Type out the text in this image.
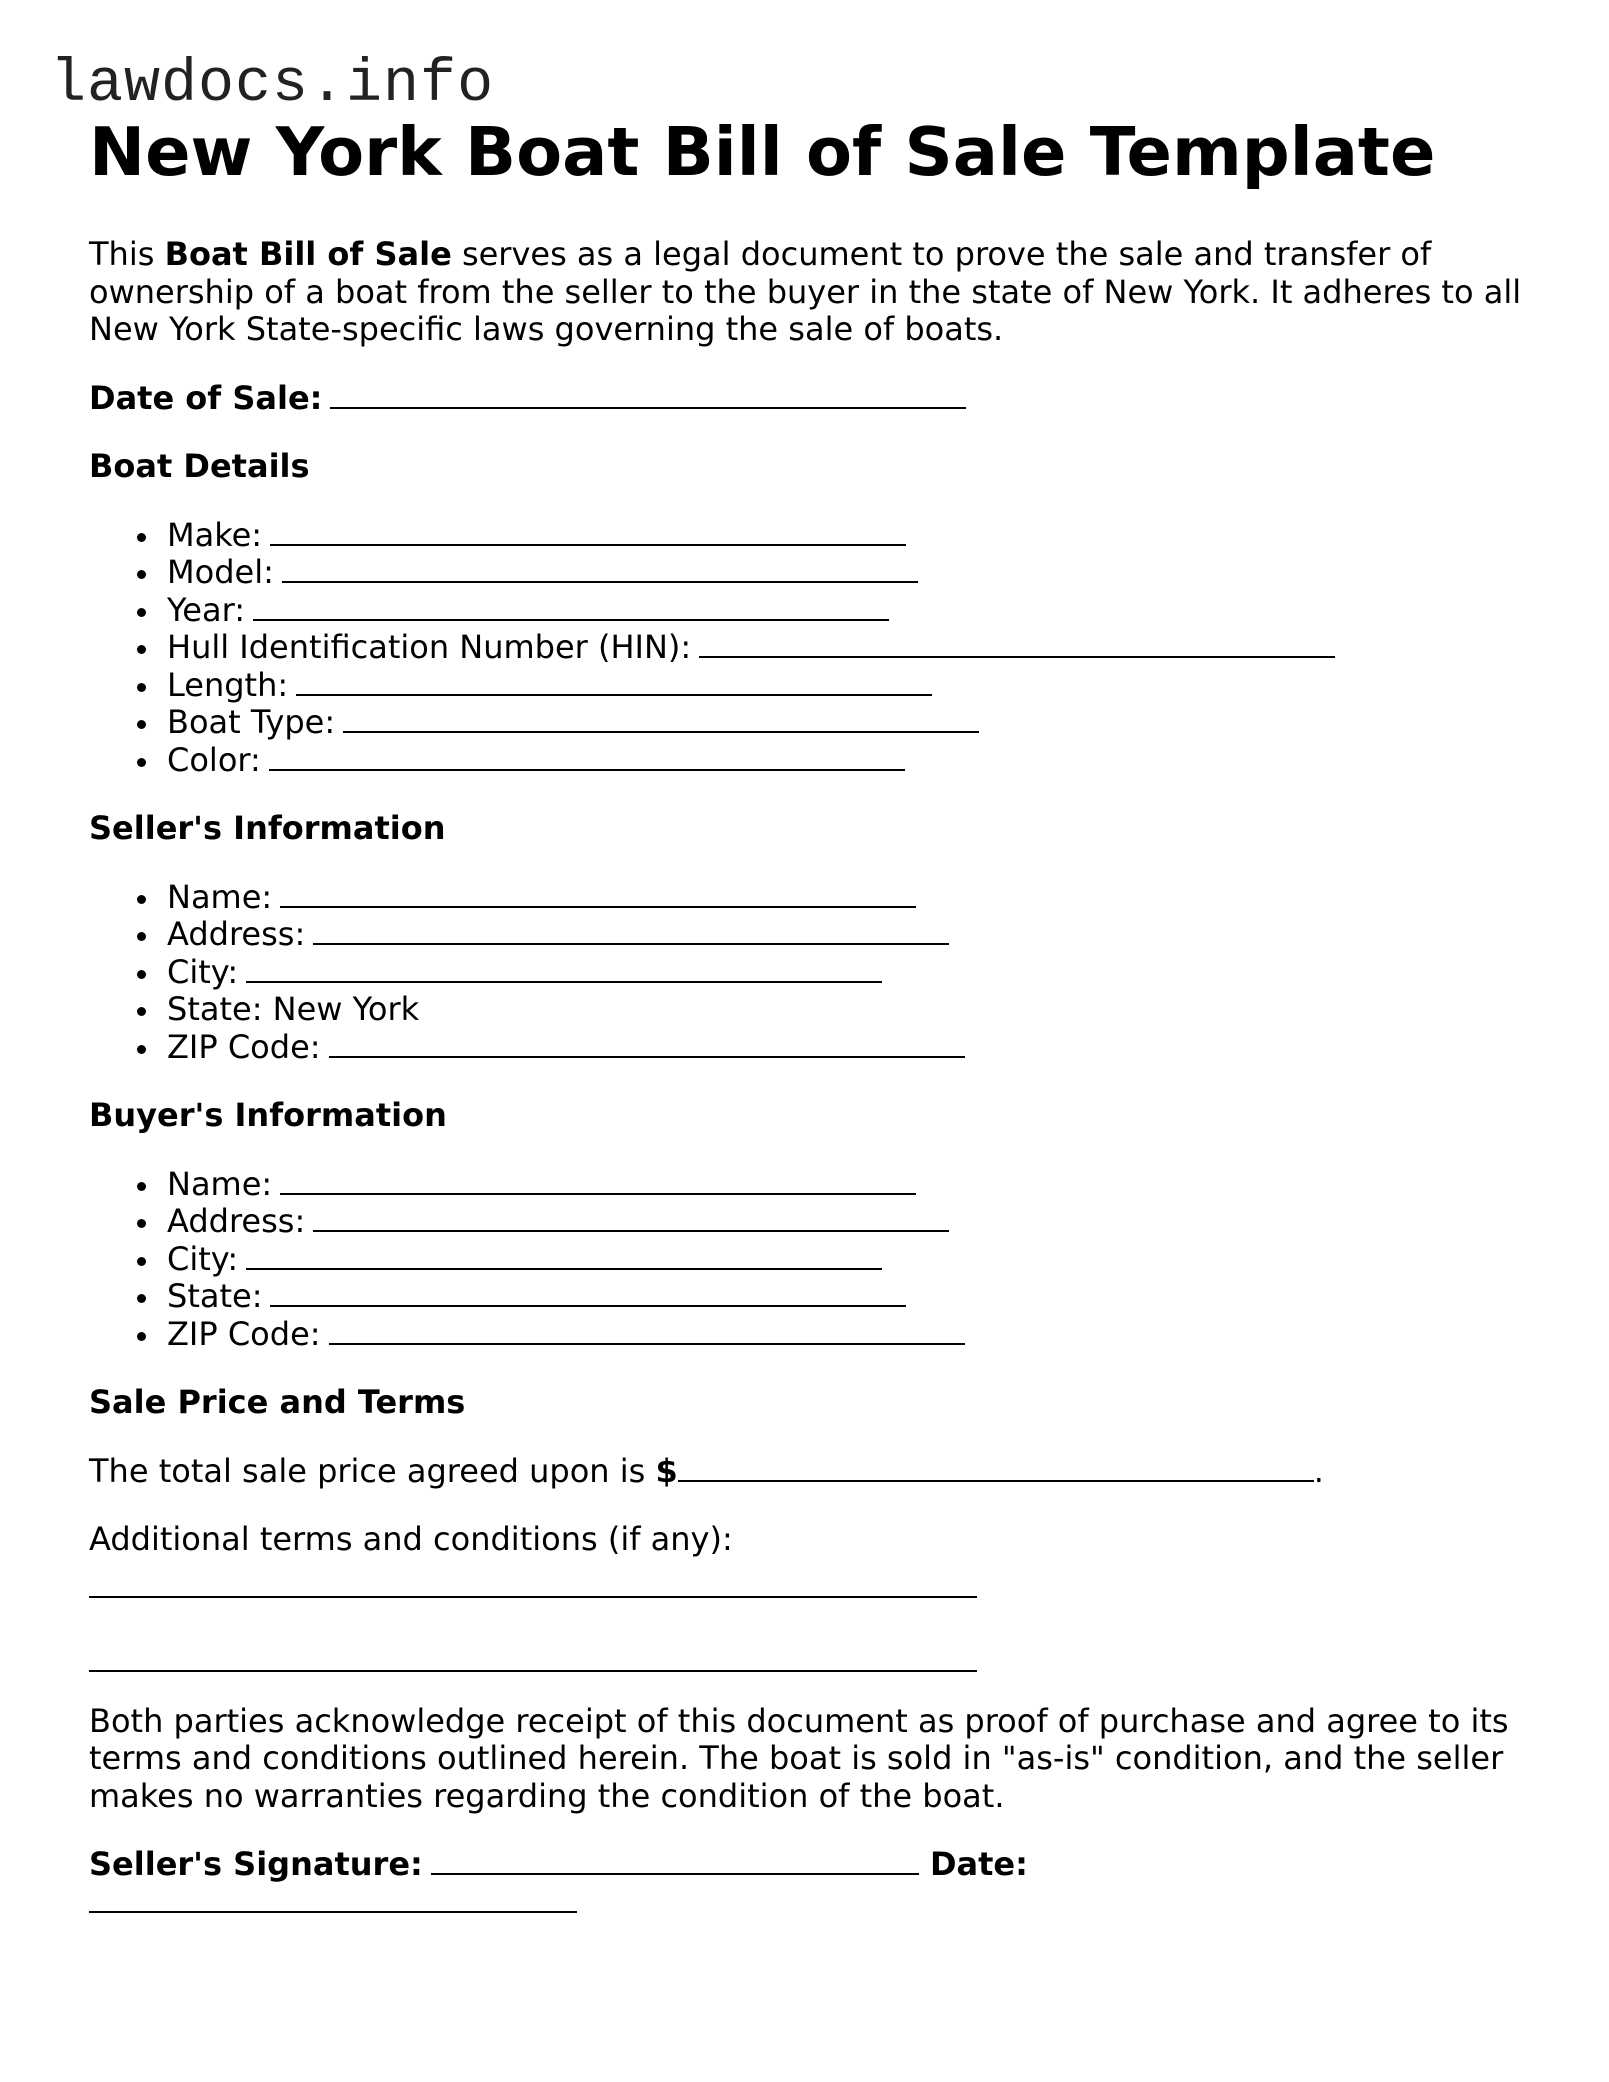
lawdocs.info
New York Boat Bill of Sale Template
This Boat Bill of Sale serves as a legal document to prove the sale and transfer of ownership of a boat from the seller to the buyer in the state of New York. It adheres to all New York State-specific laws governing the sale of boats.
Date of Sale:
Boat Details
Make:
Model:
Year:
Hull Identification Number (HIN):
Length:
Boat Type:
Color:
Seller's Information
Name:
Address:
City:
State: New York
ZIP Code:
Buyer's Information
Name:
Address:
City:
State:
ZIP Code:
Sale Price and Terms
The total sale price agreed upon is $	.
Additional terms and conditions (if any):
Both parties acknowledge receipt of this document as proof of purchase and agree to its terms and conditions outlined herein. The boat is sold in "as-is" condition, and the seller makes no warranties regarding the condition of the boat.
Seller's Signature:	Date:
